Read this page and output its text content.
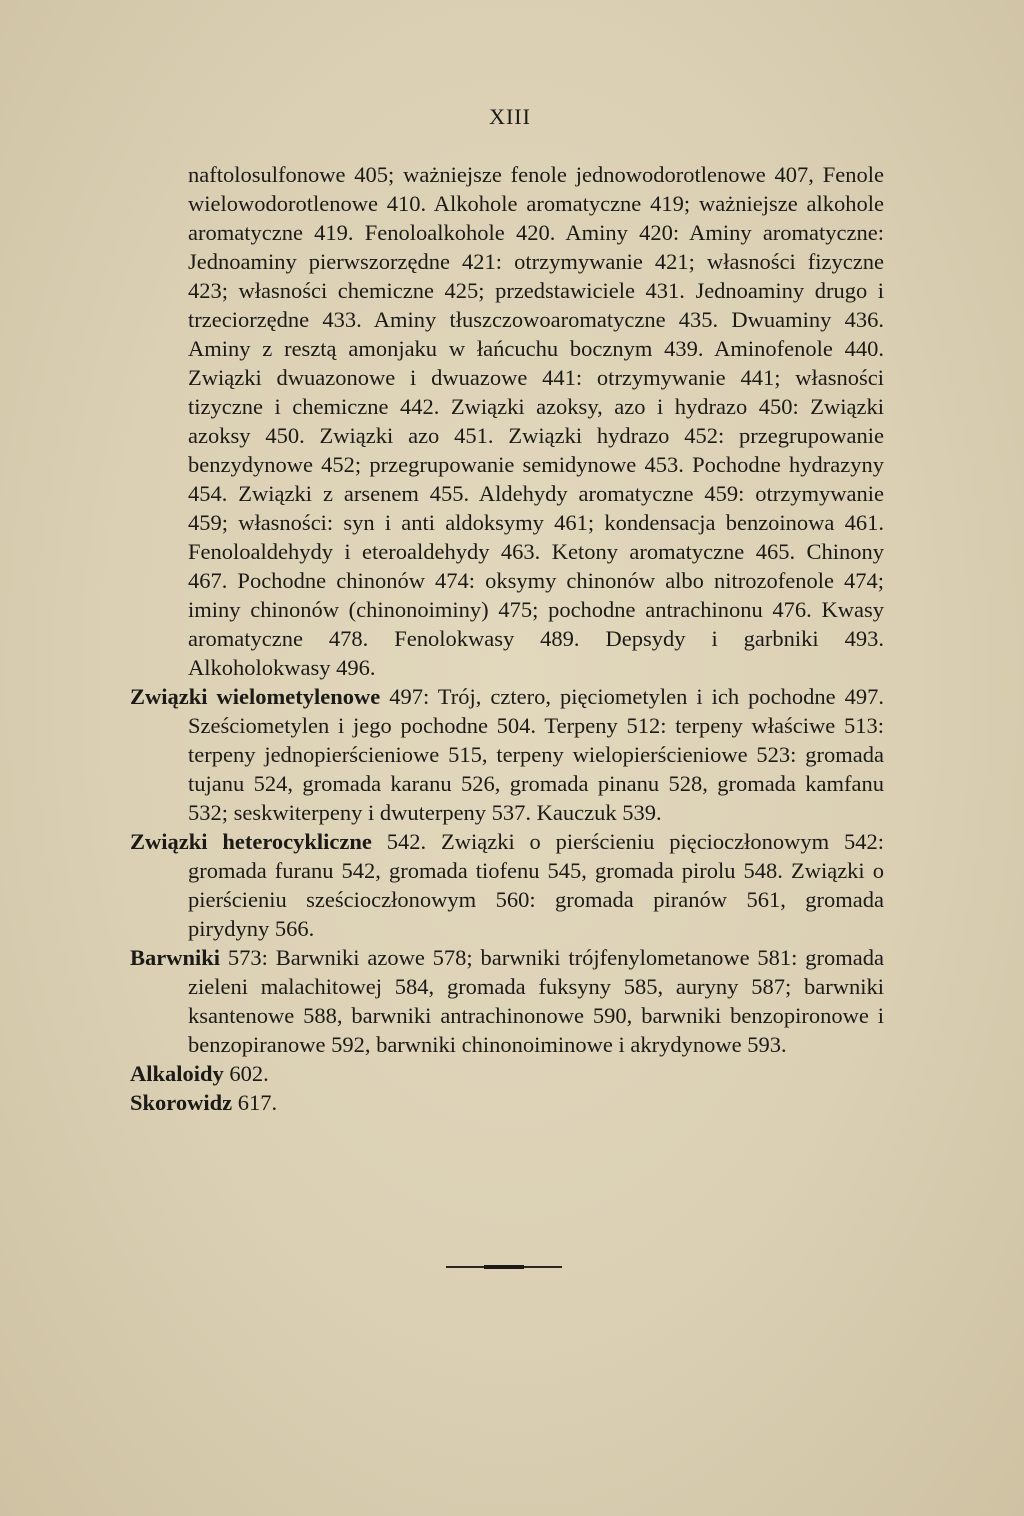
XIII

naftolosulfonowe 405; ważniejsze fenole jednowodorotlenowe 407, Fenole wielowodorotlenowe 410. Alkohole aromatyczne 419; ważniejsze alkohole aromatyczne 419. Fenoloalkohole 420. Aminy 420: Aminy aromatyczne: Jednoaminy pierwszorzędne 421: otrzymywanie 421; własności fizyczne 423; własności chemiczne 425; przedstawiciele 431. Jednoaminy drugo i trzeciorzędne 433. Aminy tłuszczowoaromatyczne 435. Dwuaminy 436. Aminy z resztą amonjaku w łańcuchu bocznym 439. Aminofenole 440. Związki dwuazonowe i dwuazowe 441: otrzymywanie 441; własności tizyczne i chemiczne 442. Związki azoksy, azo i hydrazo 450: Związki azoksy 450. Związki azo 451. Związki hydrazo 452: przegrupowanie benzydynowe 452; przegrupowanie semidynowe 453. Pochodne hydrazyny 454. Związki z arsenem 455. Aldehydy aromatyczne 459: otrzymywanie 459; własności: syn i anti aldoksymy 461; kondensacja benzoinowa 461. Fenoloaldehydy i eteroaldehydy 463. Ketony aromatyczne 465. Chinony 467. Pochodne chinonów 474: oksymy chinonów albo nitrozofenole 474; iminy chinonów (chinonoiminy) 475; pochodne antrachinonu 476. Kwasy aromatyczne 478. Fenolokwasy 489. Depsydy i garbniki 493. Alkoholokwasy 496.

Związki wielometylenowe 497: Trój, cztero, pięciometylen i ich pochodne 497. Sześciometylen i jego pochodne 504. Terpeny 512: terpeny właściwe 513: terpeny jednopierścieniowe 515, terpeny wielopierścieniowe 523: gromada tujanu 524, gromada karanu 526, gromada pinanu 528, gromada kamfanu 532; seskwiterpeny i dwuterpeny 537. Kauczuk 539.

Związki heterocykliczne 542. Związki o pierścieniu pięcioczłonowym 542: gromada furanu 542, gromada tiofenu 545, gromada pirolu 548. Związki o pierścieniu sześcioczłonowym 560: gromada piranów 561, gromada pirydyny 566.

Barwniki 573: Barwniki azowe 578; barwniki trójfenylometanowe 581: gromada zieleni malachitowej 584, gromada fuksyny 585, auryny 587; barwniki ksantenowe 588, barwniki antrachinonowe 590, barwniki benzopironowe i benzopiranowe 592, barwniki chinonoiminowe i akrydynowe 593.

Alkaloidy 602.

Skorowidz 617.
